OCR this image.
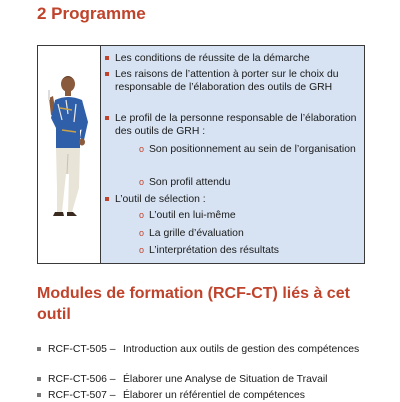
2 Programme
Les conditions de réussite de la démarche
Les raisons de l’attention à porter sur le choix du responsable de l’élaboration des outils de GRH
Le profil de la personne responsable de l’élaboration des outils de GRH :
o Son positionnement au sein de l’organisation
o Son profil attendu
L’outil de sélection :
o L’outil en lui-même
o La grille d’évaluation
o L’interprétation des résultats
Modules de formation (RCF-CT) liés à cet outil
RCF-CT-505 – Introduction aux outils de gestion des compétences
RCF-CT-506 – Élaborer une Analyse de Situation de Travail
RCF-CT-507 – Élaborer un référentiel de compétences
